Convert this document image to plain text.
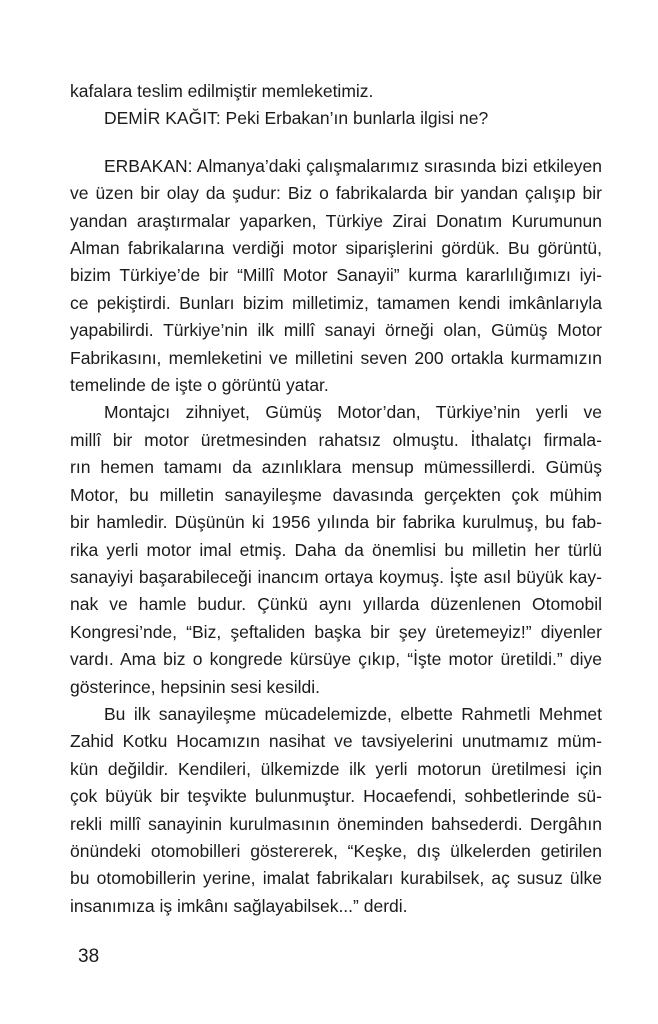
kafalara teslim edilmiştir memleketimiz.
DEMİR KAĞIT: Peki Erbakan’ın bunlarla ilgisi ne?
ERBAKAN: Almanya’daki çalışmalarımız sırasında bizi etkileyen
ve üzen bir olay da şudur: Biz o fabrikalarda bir yandan çalışıp bir
yandan araştırmalar yaparken, Türkiye Zirai Donatım Kurumunun
Alman fabrikalarına verdiği motor siparişlerini gördük. Bu görüntü,
bizim Türkiye’de bir “Millî Motor Sanayii” kurma kararlılığımızı iyi-
ce pekiştirdi. Bunları bizim milletimiz, tamamen kendi imkânlarıyla
yapabilirdi. Türkiye’nin ilk millî sanayi örneği olan, Gümüş Motor
Fabrikasını, memleketini ve milletini seven 200 ortakla kurmamızın
temelinde de işte o görüntü yatar.
Montajcı zihniyet, Gümüş Motor’dan, Türkiye’nin yerli ve
millî bir motor üretmesinden rahatsız olmuştu. İthalatçı firmala-
rın hemen tamamı da azınlıklara mensup mümessillerdi. Gümüş
Motor, bu milletin sanayileşme davasında gerçekten çok mühim
bir hamledir. Düşünün ki 1956 yılında bir fabrika kurulmuş, bu fab-
rika yerli motor imal etmiş. Daha da önemlisi bu milletin her türlü
sanayiyi başarabileceği inancım ortaya koymuş. İşte asıl büyük kay-
nak ve hamle budur. Çünkü aynı yıllarda düzenlenen Otomobil
Kongresi’nde, “Biz, şeftaliden başka bir şey üretemeyiz!” diyenler
vardı. Ama biz o kongrede kürsüye çıkıp, “İşte motor üretildi.” diye
gösterince, hepsinin sesi kesildi.
Bu ilk sanayileşme mücadelemizde, elbette Rahmetli Mehmet
Zahid Kotku Hocamızın nasihat ve tavsiyelerini unutmamız müm-
kün değildir. Kendileri, ülkemizde ilk yerli motorun üretilmesi için
çok büyük bir teşvikte bulunmuştur. Hocaefendi, sohbetlerinde sü-
rekli millî sanayinin kurulmasının öneminden bahsederdi. Dergâhın
önündeki otomobilleri göstererek, “Keşke, dış ülkelerden getirilen
bu otomobillerin yerine, imalat fabrikaları kurabilsek, aç susuz ülke
insanımıza iş imkânı sağlayabilsek...” derdi.
38
